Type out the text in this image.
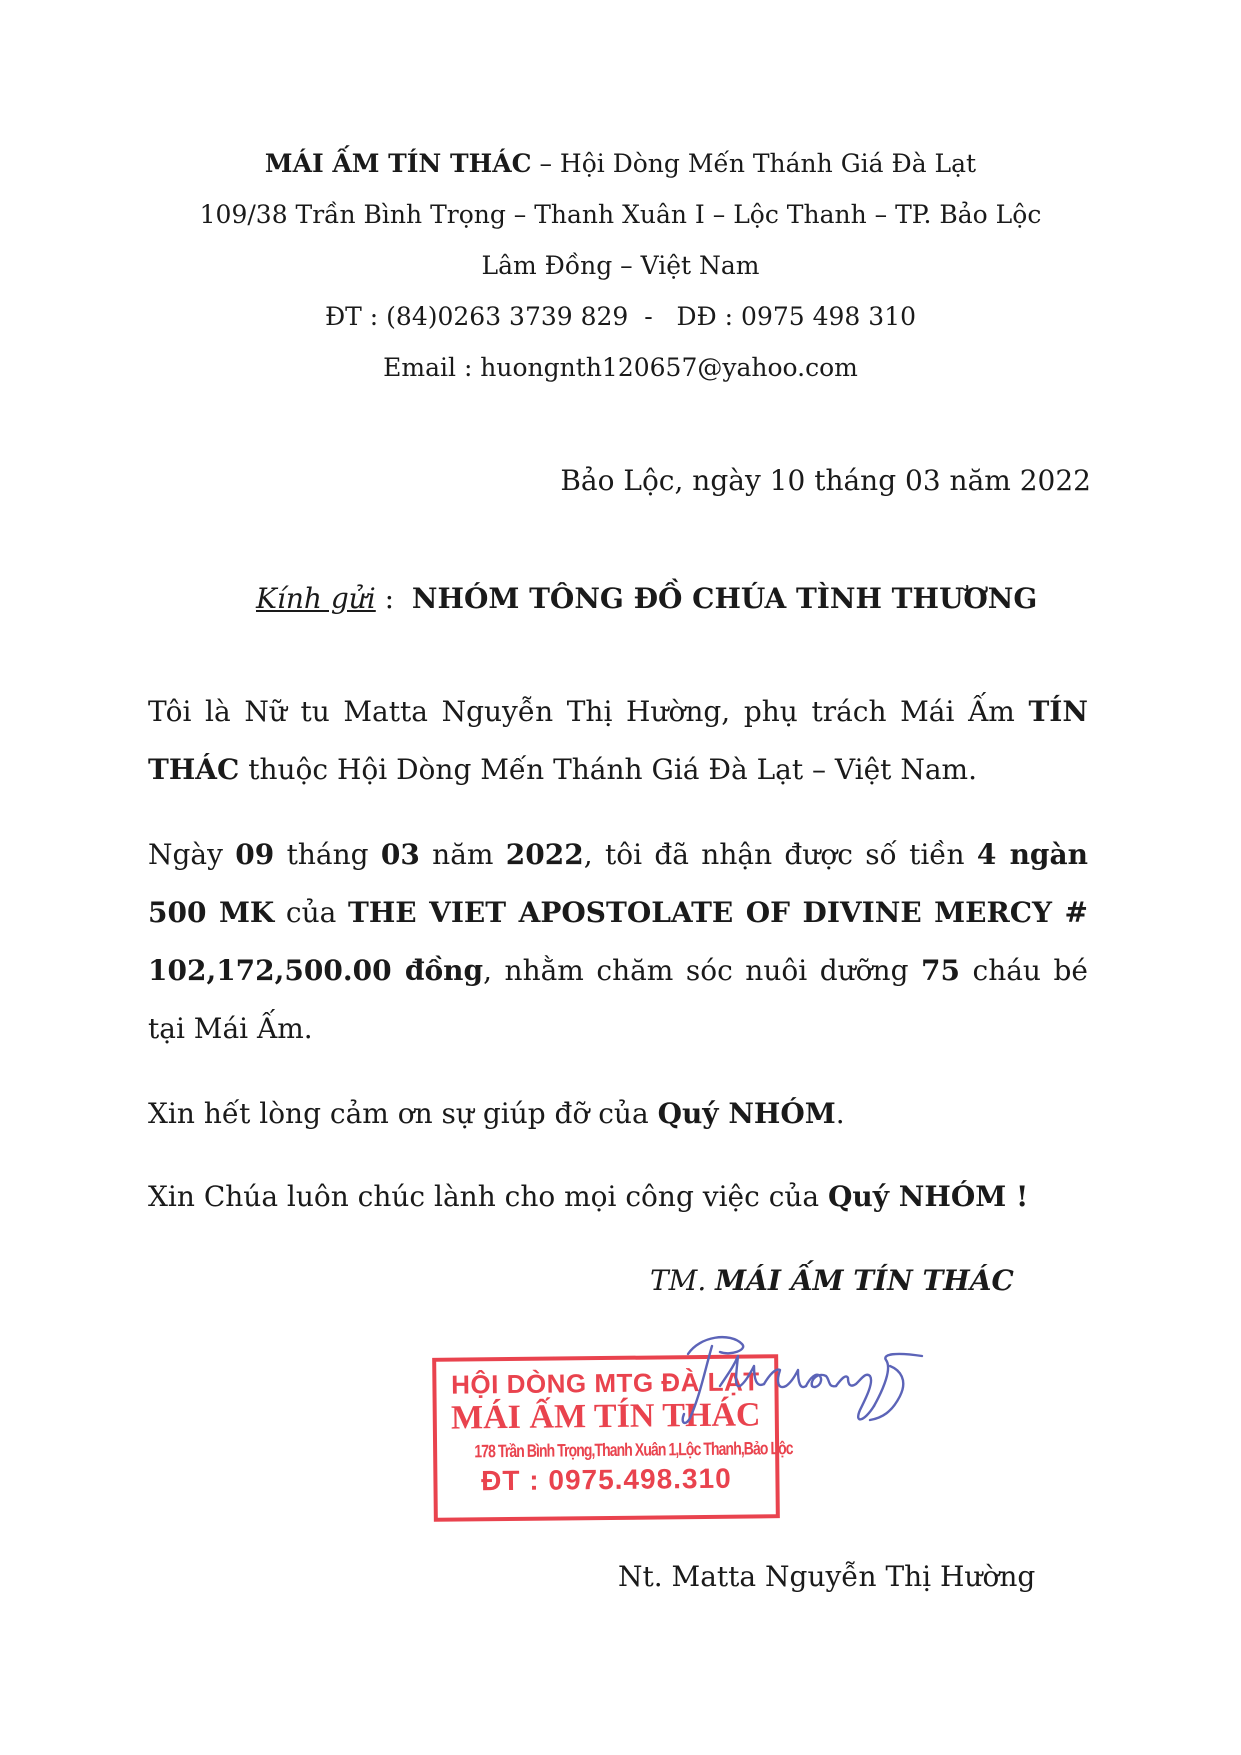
MÁI ẤM TÍN THÁC – Hội Dòng Mến Thánh Giá Đà Lạt
109/38 Trần Bình Trọng – Thanh Xuân I – Lộc Thanh – TP. Bảo Lộc
Lâm Đồng – Việt Nam
ĐT : (84)0263 3739 829  -   DĐ : 0975 498 310
Email : huongnth120657@yahoo.com
Bảo Lộc, ngày 10 tháng 03 năm 2022
Kính gửi :  NHÓM TÔNG ĐỒ CHÚA TÌNH THƯƠNG
Tôi là Nữ tu Matta Nguyễn Thị Hường, phụ trách Mái Ấm TÍN THÁC thuộc Hội Dòng Mến Thánh Giá Đà Lạt – Việt Nam.
Ngày 09 tháng 03 năm 2022, tôi đã nhận được số tiền 4 ngàn 500 MK của THE VIET APOSTOLATE OF DIVINE MERCY # 102,172,500.00 đồng, nhằm chăm sóc nuôi dưỡng 75 cháu bé tại Mái Ấm.
Xin hết lòng cảm ơn sự giúp đỡ của Quý NHÓM.
Xin Chúa luôn chúc lành cho mọi công việc của Quý NHÓM !
TM. MÁI ẤM TÍN THÁC
HỘI DÒNG MTG ĐÀ LẠT
MÁI ẤM TÍN THÁC
178 Trần Bình Trọng,Thanh Xuân 1,Lộc Thanh,Bảo Lộc
ĐT : 0975.498.310
Nt. Matta Nguyễn Thị Hường
